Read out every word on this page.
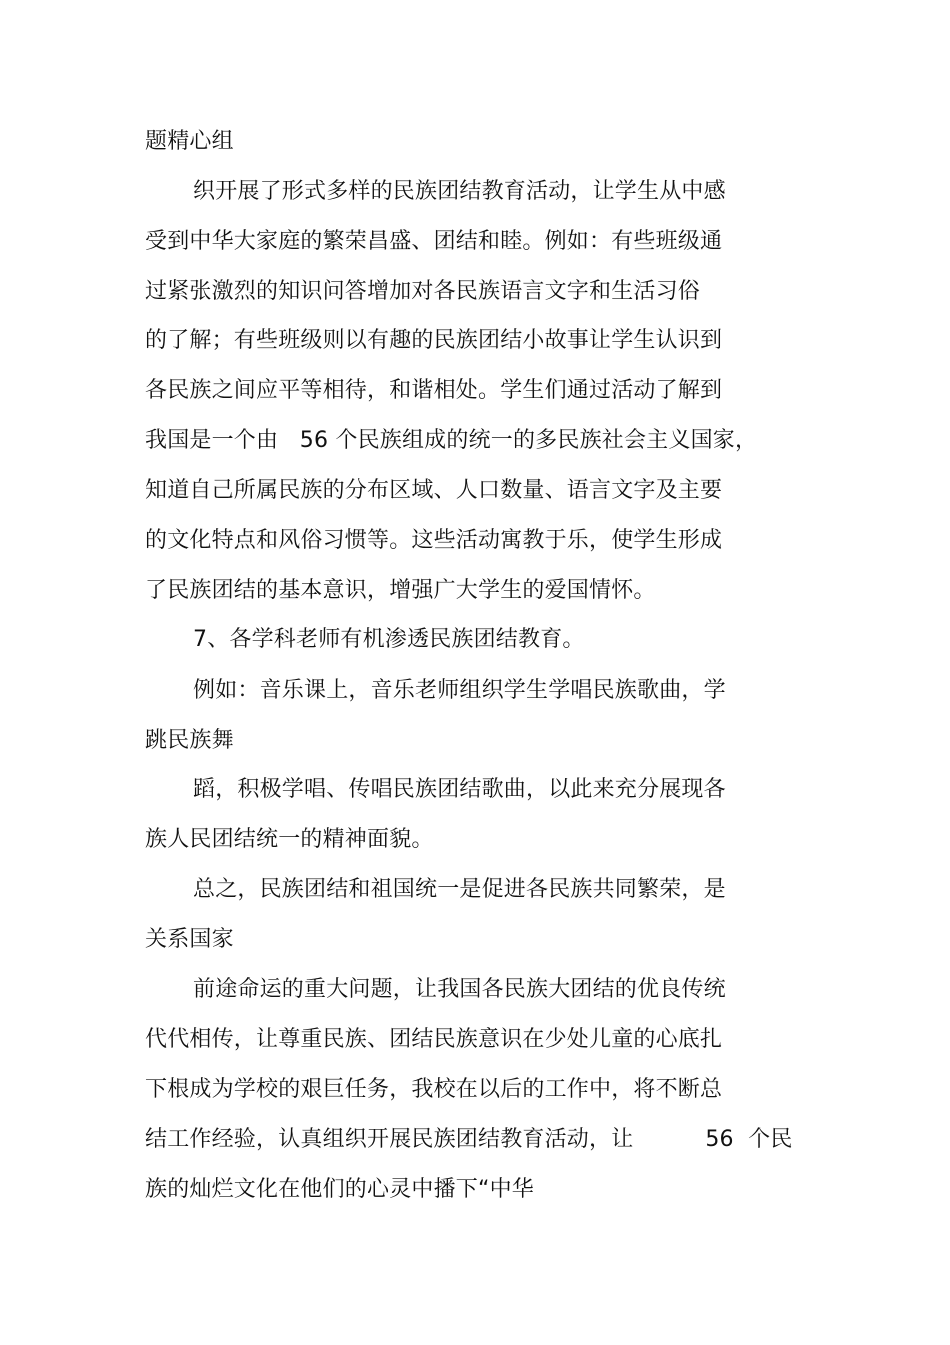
题精心组
织开展了形式多样的民族团结教育活动，让学生从中感
受到中华大家庭的繁荣昌盛、团结和睦。例如：有些班级通
过紧张激烈的知识问答增加对各民族语言文字和生活习俗
的了解；有些班级则以有趣的民族团结小故事让学生认识到
各民族之间应平等相待，和谐相处。学生们通过活动了解到
我国是一个由   56 个民族组成的统一的多民族社会主义国家，
知道自己所属民族的分布区域、人口数量、语言文字及主要
的文化特点和风俗习惯等。这些活动寓教于乐，使学生形成
了民族团结的基本意识，增强广大学生的爱国情怀。
7、各学科老师有机渗透民族团结教育。
例如：音乐课上，音乐老师组织学生学唱民族歌曲，学
跳民族舞
蹈，积极学唱、传唱民族团结歌曲，以此来充分展现各
族人民团结统一的精神面貌。
总之，民族团结和祖国统一是促进各民族共同繁荣，是
关系国家
前途命运的重大问题，让我国各民族大团结的优良传统
代代相传，让尊重民族、团结民族意识在少处儿童的心底扎
下根成为学校的艰巨任务，我校在以后的工作中，将不断总
结工作经验，认真组织开展民族团结教育活动，让          56  个民
族的灿烂文化在他们的心灵中播下“中华
